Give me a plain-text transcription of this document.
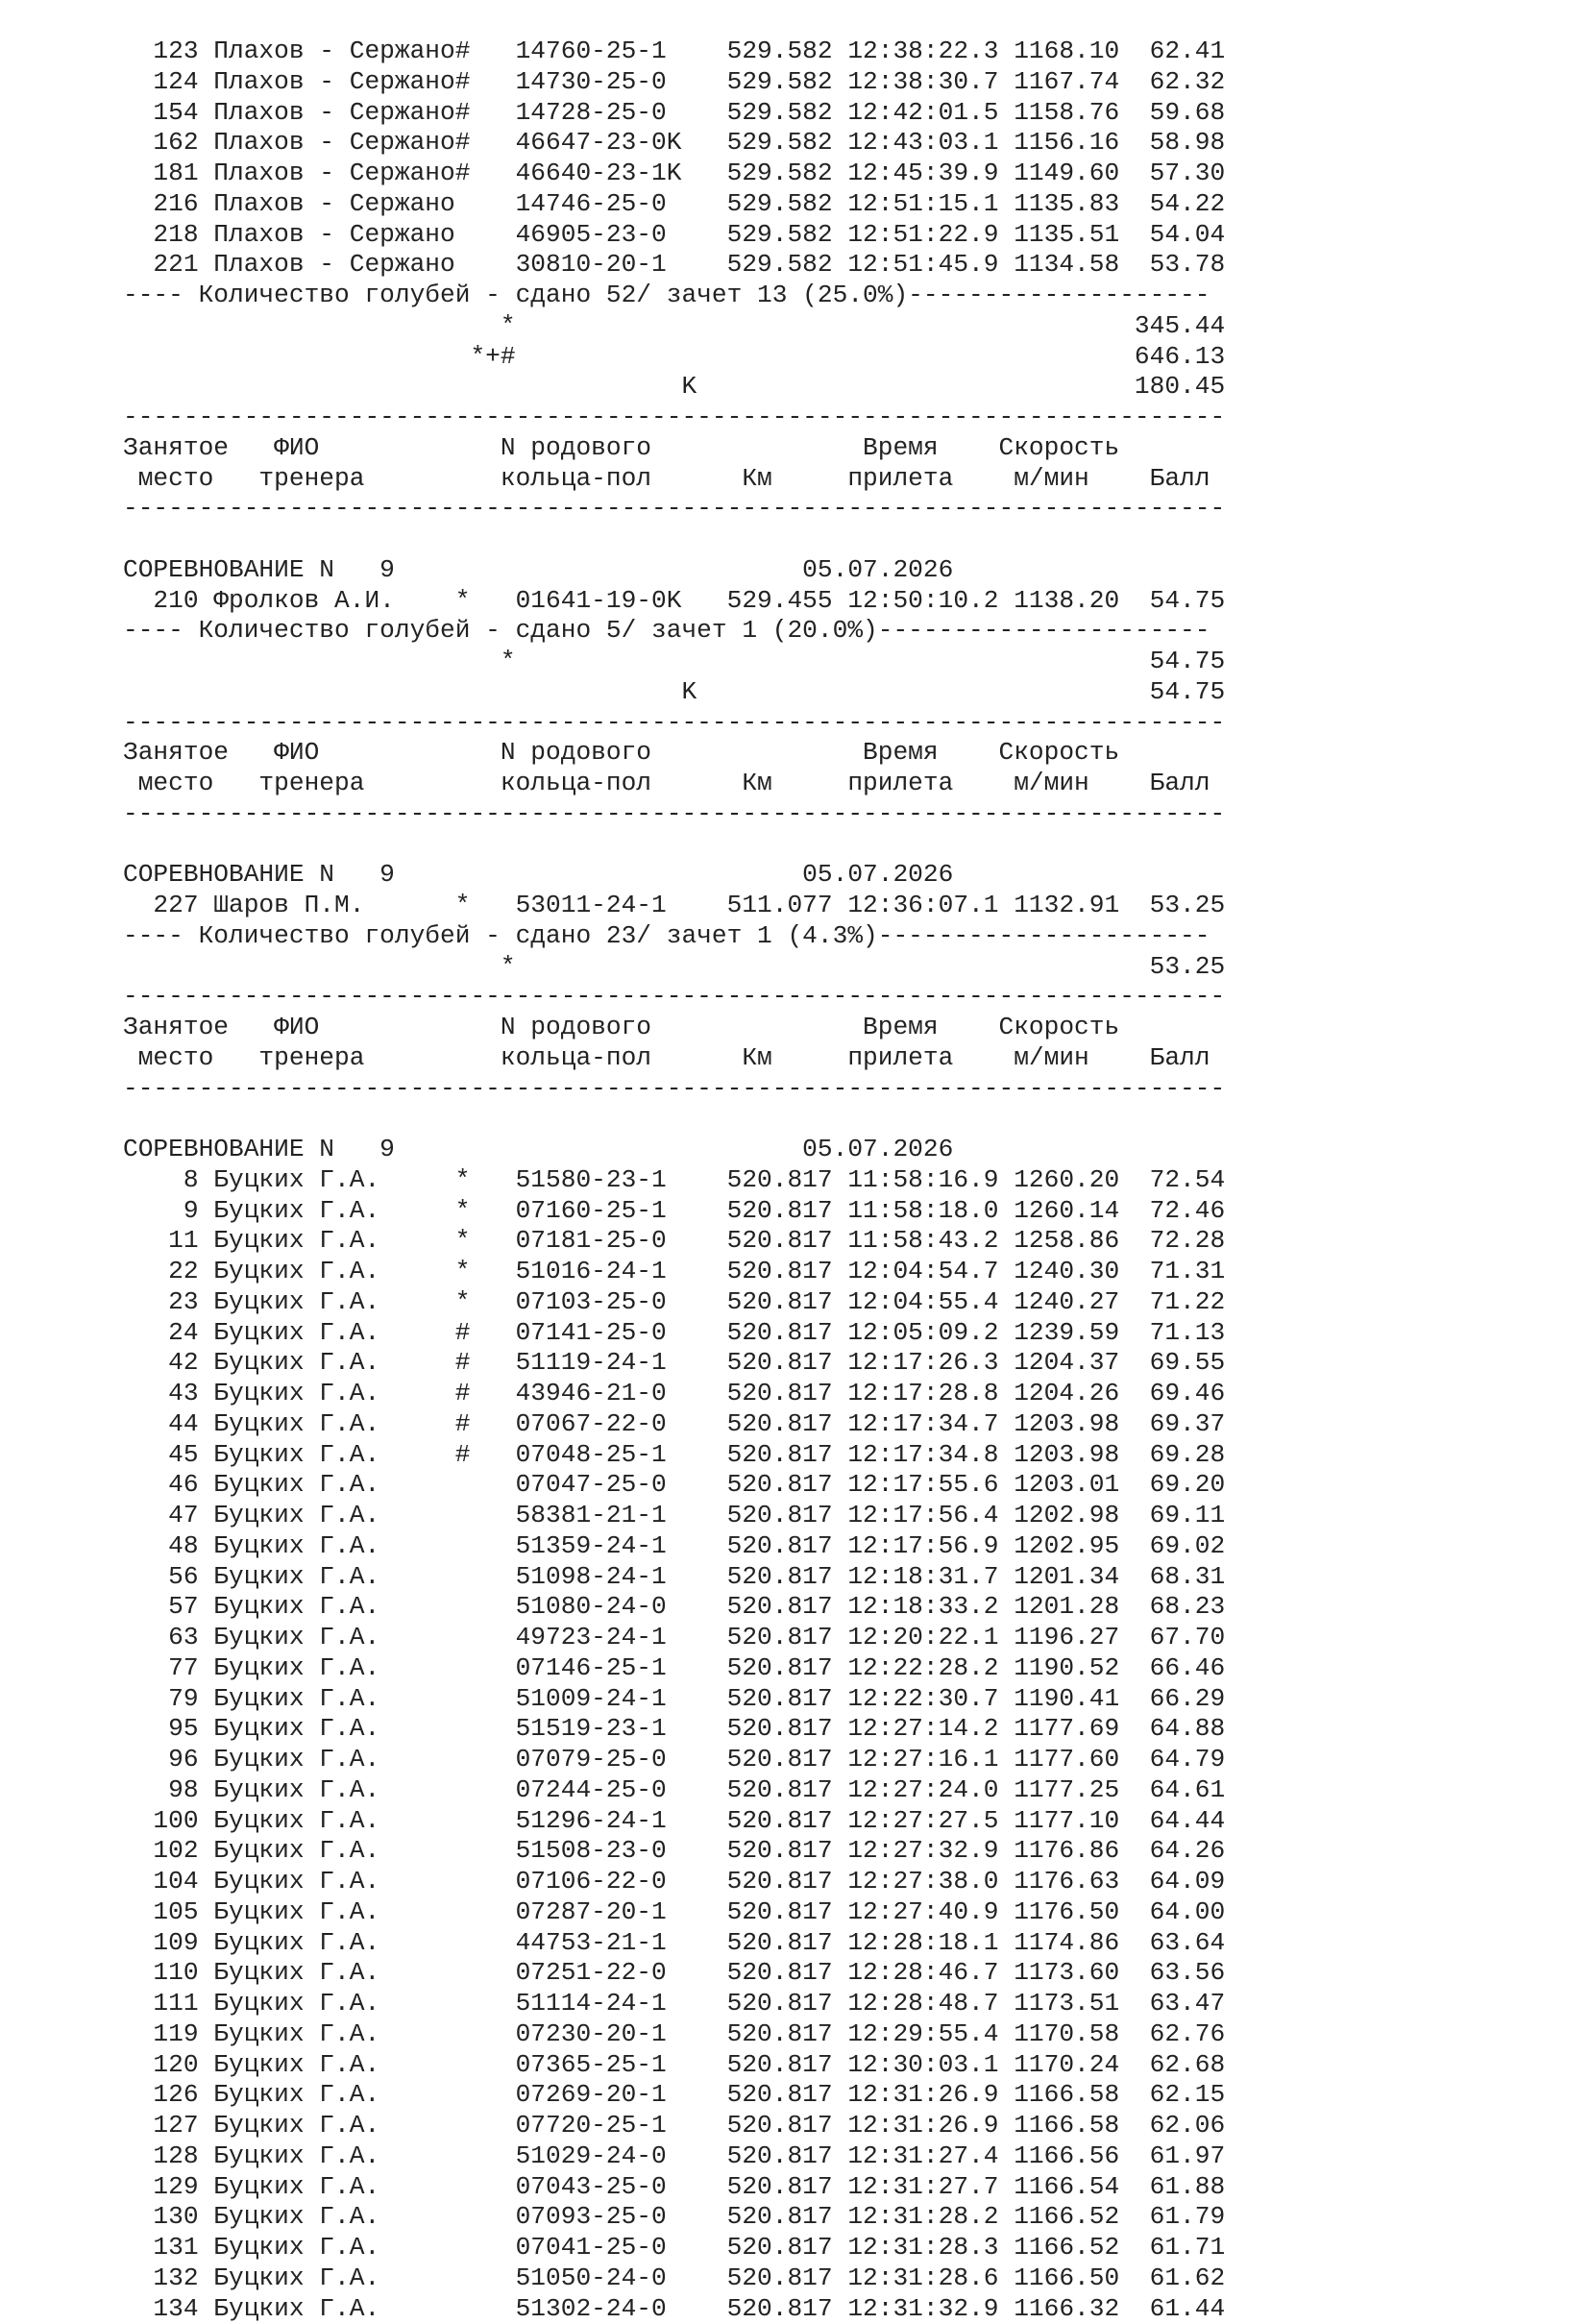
123 Плахов - Сержано#   14760-25-1    529.582 12:38:22.3 1168.10  62.41
124 Плахов - Сержано#   14730-25-0    529.582 12:38:30.7 1167.74  62.32
154 Плахов - Сержано#   14728-25-0    529.582 12:42:01.5 1158.76  59.68
162 Плахов - Сержано#   46647-23-0K   529.582 12:43:03.1 1156.16  58.98
181 Плахов - Сержано#   46640-23-1K   529.582 12:45:39.9 1149.60  57.30
216 Плахов - Сержано    14746-25-0    529.582 12:51:15.1 1135.83  54.22
218 Плахов - Сержано    46905-23-0    529.582 12:51:22.9 1135.51  54.04
221 Плахов - Сержано    30810-20-1    529.582 12:51:45.9 1134.58  53.78
---- Количество голубей - сдано 52/ зачет 13 (25.0%)--------------------
*                                         345.44
*+#                                         646.13
K                             180.45
-------------------------------------------------------------------------
Занятое   ФИО            N родового              Время    Скорость
место   тренера         кольца-пол      Км     прилета    м/мин    Балл
-------------------------------------------------------------------------
СОРЕВНОВАНИЕ N   9                           05.07.2026
210 Фролков А.И.    *   01641-19-0K   529.455 12:50:10.2 1138.20  54.75
---- Количество голубей - сдано 5/ зачет 1 (20.0%)----------------------
*                                          54.75
K                              54.75
-------------------------------------------------------------------------
Занятое   ФИО            N родового              Время    Скорость
место   тренера         кольца-пол      Км     прилета    м/мин    Балл
-------------------------------------------------------------------------
СОРЕВНОВАНИЕ N   9                           05.07.2026
227 Шаров П.М.      *   53011-24-1    511.077 12:36:07.1 1132.91  53.25
---- Количество голубей - сдано 23/ зачет 1 (4.3%)----------------------
*                                          53.25
-------------------------------------------------------------------------
Занятое   ФИО            N родового              Время    Скорость
место   тренера         кольца-пол      Км     прилета    м/мин    Балл
-------------------------------------------------------------------------
СОРЕВНОВАНИЕ N   9                           05.07.2026
8 Буцких Г.А.     *   51580-23-1    520.817 11:58:16.9 1260.20  72.54
9 Буцких Г.А.     *   07160-25-1    520.817 11:58:18.0 1260.14  72.46
11 Буцких Г.А.     *   07181-25-0    520.817 11:58:43.2 1258.86  72.28
22 Буцких Г.А.     *   51016-24-1    520.817 12:04:54.7 1240.30  71.31
23 Буцких Г.А.     *   07103-25-0    520.817 12:04:55.4 1240.27  71.22
24 Буцких Г.А.     #   07141-25-0    520.817 12:05:09.2 1239.59  71.13
42 Буцких Г.А.     #   51119-24-1    520.817 12:17:26.3 1204.37  69.55
43 Буцких Г.А.     #   43946-21-0    520.817 12:17:28.8 1204.26  69.46
44 Буцких Г.А.     #   07067-22-0    520.817 12:17:34.7 1203.98  69.37
45 Буцких Г.А.     #   07048-25-1    520.817 12:17:34.8 1203.98  69.28
46 Буцких Г.А.         07047-25-0    520.817 12:17:55.6 1203.01  69.20
47 Буцких Г.А.         58381-21-1    520.817 12:17:56.4 1202.98  69.11
48 Буцких Г.А.         51359-24-1    520.817 12:17:56.9 1202.95  69.02
56 Буцких Г.А.         51098-24-1    520.817 12:18:31.7 1201.34  68.31
57 Буцких Г.А.         51080-24-0    520.817 12:18:33.2 1201.28  68.23
63 Буцких Г.А.         49723-24-1    520.817 12:20:22.1 1196.27  67.70
77 Буцких Г.А.         07146-25-1    520.817 12:22:28.2 1190.52  66.46
79 Буцких Г.А.         51009-24-1    520.817 12:22:30.7 1190.41  66.29
95 Буцких Г.А.         51519-23-1    520.817 12:27:14.2 1177.69  64.88
96 Буцких Г.А.         07079-25-0    520.817 12:27:16.1 1177.60  64.79
98 Буцких Г.А.         07244-25-0    520.817 12:27:24.0 1177.25  64.61
100 Буцких Г.А.         51296-24-1    520.817 12:27:27.5 1177.10  64.44
102 Буцких Г.А.         51508-23-0    520.817 12:27:32.9 1176.86  64.26
104 Буцких Г.А.         07106-22-0    520.817 12:27:38.0 1176.63  64.09
105 Буцких Г.А.         07287-20-1    520.817 12:27:40.9 1176.50  64.00
109 Буцких Г.А.         44753-21-1    520.817 12:28:18.1 1174.86  63.64
110 Буцких Г.А.         07251-22-0    520.817 12:28:46.7 1173.60  63.56
111 Буцких Г.А.         51114-24-1    520.817 12:28:48.7 1173.51  63.47
119 Буцких Г.А.         07230-20-1    520.817 12:29:55.4 1170.58  62.76
120 Буцких Г.А.         07365-25-1    520.817 12:30:03.1 1170.24  62.68
126 Буцких Г.А.         07269-20-1    520.817 12:31:26.9 1166.58  62.15
127 Буцких Г.А.         07720-25-1    520.817 12:31:26.9 1166.58  62.06
128 Буцких Г.А.         51029-24-0    520.817 12:31:27.4 1166.56  61.97
129 Буцких Г.А.         07043-25-0    520.817 12:31:27.7 1166.54  61.88
130 Буцких Г.А.         07093-25-0    520.817 12:31:28.2 1166.52  61.79
131 Буцких Г.А.         07041-25-0    520.817 12:31:28.3 1166.52  61.71
132 Буцких Г.А.         51050-24-0    520.817 12:31:28.6 1166.50  61.62
134 Буцких Г.А.         51302-24-0    520.817 12:31:32.9 1166.32  61.44
